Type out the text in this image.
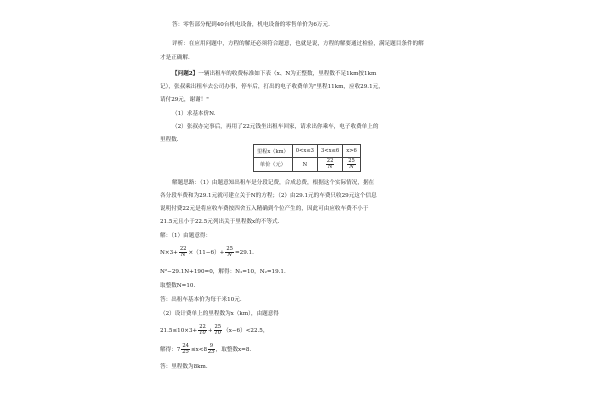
答：零售部分配到40台机电设备，机电设备的零售单价为6万元.
评析：在应用问题中，方程的解还必须符合题意，也就是说，方程的解要通过检验，满足题目条件的解
才是正确解.
【问题2】一辆出租车的收费标准如下表（x、N为正整数，里程数不足1km按1km
记），张叔乘出租车去公司办事，停车后，打出的电子收费单为"里程11km，应收29.1元，
请付29元，谢谢！"
（1）求基本价N.
（2）张叔办完事后，再用了22元钱坐出租车回家，请求出你乘车，电子收费单上的
里程数.
里程x（km）	0<x≤3	3<x≤6	x>6
单价（元）	N	$\frac{22}{N}$	$\frac{25}{N}$
解题思路：（1）由题意知出租车是分段记费，合成总费，根据这个实际情况，据在
各分段车费和为29.1元就可建立关于N的方程；（2）由29.1元的车费只收29元这个信息
说明付费22元是将应收车费按四舍五入精确到个位产生的，因此可由应收车费不小于
21.5元且小于22.5元列出关于里程数x的不等式.
解：（1）由题意得：
$N\times 3+ \frac{22}{N} \times(11-6)+ \frac{25}{N} =29.1$.
N²−29.1N+190=0，解得：N₁=10，N₂=19.1.
取整数N=10.
答：出租车基本价为每千米10元.
（2）设计费单上的里程数为x（km），由题意得
$21.5\le 10\times 3+ \frac{22}{10} + \frac{25}{10} (x-6)<22.5$，
解得：$7 \frac{24}{25} \le x<8 \frac{9}{25}$ ，取整数x=8.
答：里程数为8km.
